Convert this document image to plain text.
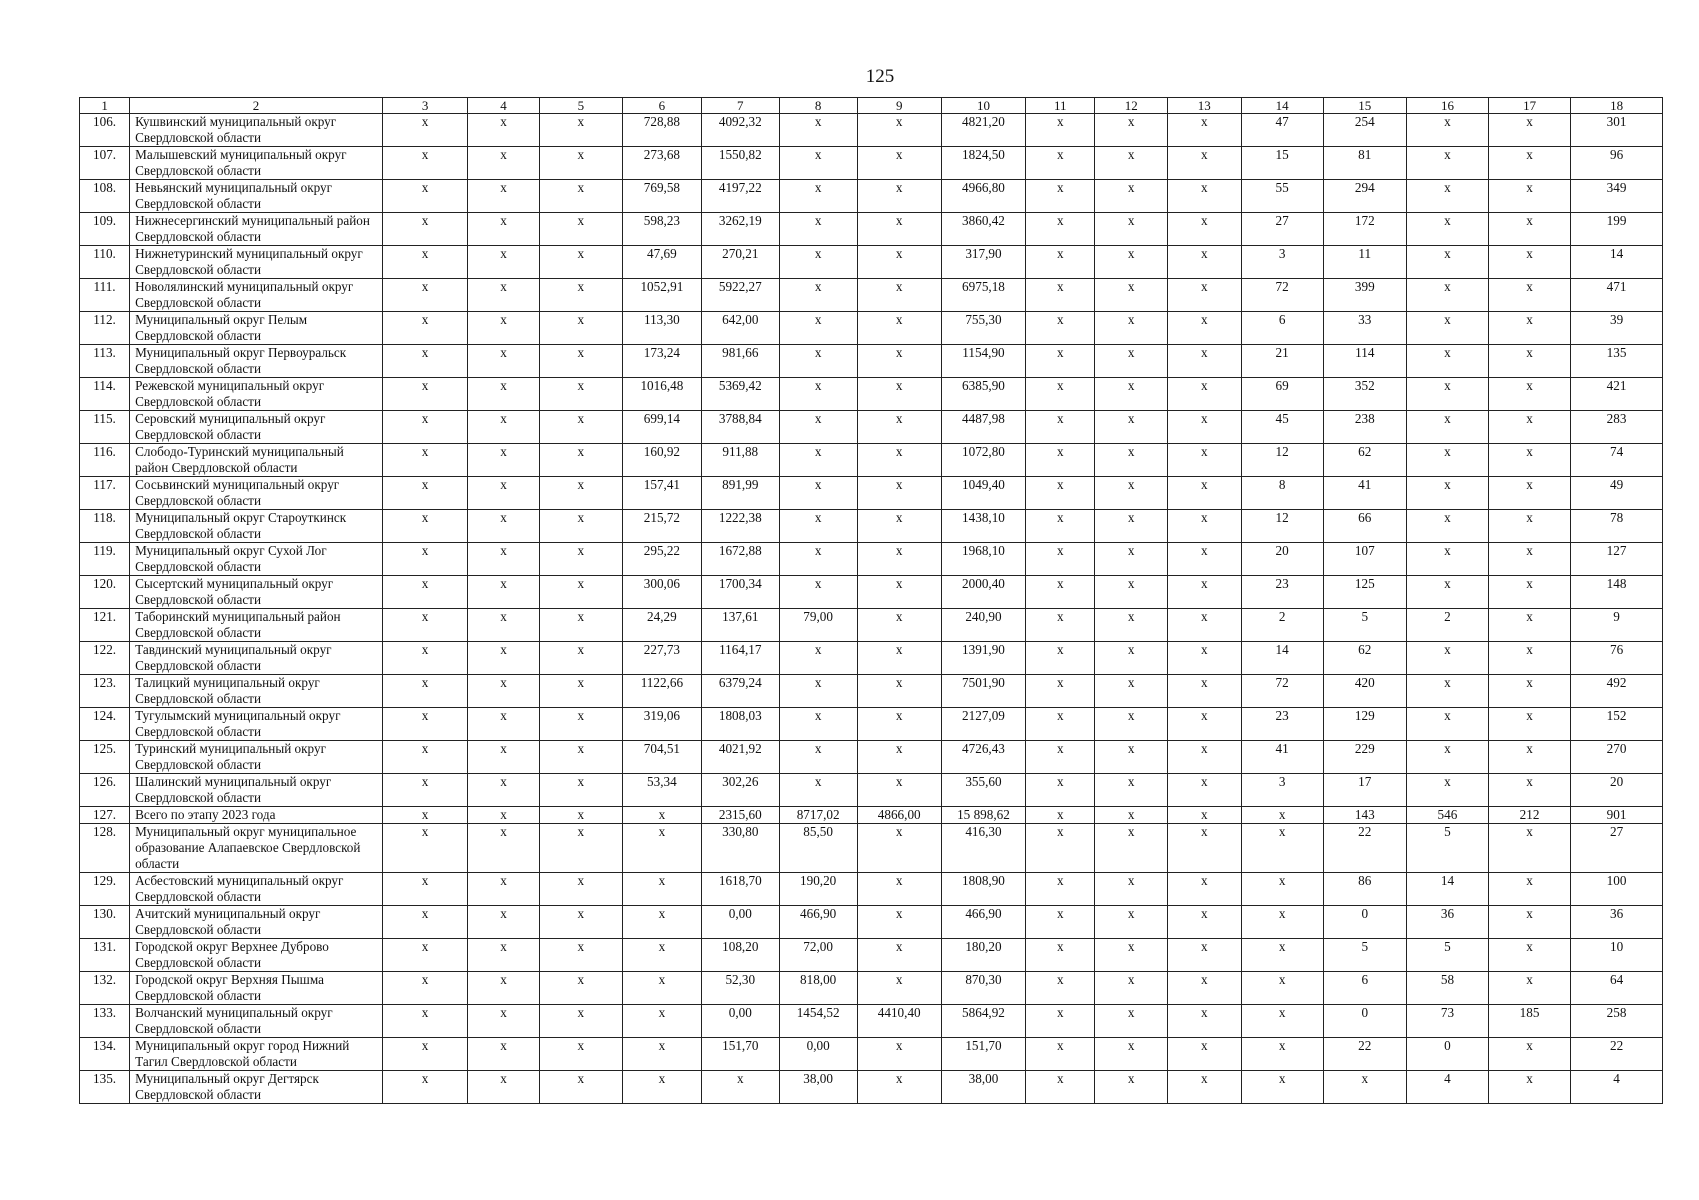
125
1	2	3	4	5	6	7	8	9	10	11	12	13	14	15	16	17	18
106.	Кушвинский муниципальный округ Свердловской области	x	x	x	728,88	4092,32	x	x	4821,20	x	x	x	47	254	x	x	301
107.	Малышевский муниципальный округ Свердловской области	x	x	x	273,68	1550,82	x	x	1824,50	x	x	x	15	81	x	x	96
108.	Невьянский муниципальный округ Свердловской области	x	x	x	769,58	4197,22	x	x	4966,80	x	x	x	55	294	x	x	349
109.	Нижнесергинский муниципальный район Свердловской области	x	x	x	598,23	3262,19	x	x	3860,42	x	x	x	27	172	x	x	199
110.	Нижнетуринский муниципальный округ Свердловской области	x	x	x	47,69	270,21	x	x	317,90	x	x	x	3	11	x	x	14
111.	Новолялинский муниципальный округ Свердловской области	x	x	x	1052,91	5922,27	x	x	6975,18	x	x	x	72	399	x	x	471
112.	Муниципальный округ Пелым Свердловской области	x	x	x	113,30	642,00	x	x	755,30	x	x	x	6	33	x	x	39
113.	Муниципальный округ Первоуральск Свердловской области	x	x	x	173,24	981,66	x	x	1154,90	x	x	x	21	114	x	x	135
114.	Режевской муниципальный округ Свердловской области	x	x	x	1016,48	5369,42	x	x	6385,90	x	x	x	69	352	x	x	421
115.	Серовский муниципальный округ Свердловской области	x	x	x	699,14	3788,84	x	x	4487,98	x	x	x	45	238	x	x	283
116.	Слободо-Туринский муниципальный район Свердловской области	x	x	x	160,92	911,88	x	x	1072,80	x	x	x	12	62	x	x	74
117.	Сосьвинский муниципальный округ Свердловской области	x	x	x	157,41	891,99	x	x	1049,40	x	x	x	8	41	x	x	49
118.	Муниципальный округ Староуткинск Свердловской области	x	x	x	215,72	1222,38	x	x	1438,10	x	x	x	12	66	x	x	78
119.	Муниципальный округ Сухой Лог Свердловской области	x	x	x	295,22	1672,88	x	x	1968,10	x	x	x	20	107	x	x	127
120.	Сысертский муниципальный округ Свердловской области	x	x	x	300,06	1700,34	x	x	2000,40	x	x	x	23	125	x	x	148
121.	Таборинский муниципальный район Свердловской области	x	x	x	24,29	137,61	79,00	x	240,90	x	x	x	2	5	2	x	9
122.	Тавдинский муниципальный округ Свердловской области	x	x	x	227,73	1164,17	x	x	1391,90	x	x	x	14	62	x	x	76
123.	Талицкий муниципальный округ Свердловской области	x	x	x	1122,66	6379,24	x	x	7501,90	x	x	x	72	420	x	x	492
124.	Тугулымский муниципальный округ Свердловской области	x	x	x	319,06	1808,03	x	x	2127,09	x	x	x	23	129	x	x	152
125.	Туринский муниципальный округ Свердловской области	x	x	x	704,51	4021,92	x	x	4726,43	x	x	x	41	229	x	x	270
126.	Шалинский муниципальный округ Свердловской области	x	x	x	53,34	302,26	x	x	355,60	x	x	x	3	17	x	x	20
127.	Всего по этапу 2023 года	x	x	x	x	2315,60	8717,02	4866,00	15 898,62	x	x	x	x	143	546	212	901
128.	Муниципальный округ муниципальное образование Алапаевское Свердловской области	x	x	x	x	330,80	85,50	x	416,30	x	x	x	x	22	5	x	27
129.	Асбестовский муниципальный округ Свердловской области	x	x	x	x	1618,70	190,20	x	1808,90	x	x	x	x	86	14	x	100
130.	Ачитский муниципальный округ Свердловской области	x	x	x	x	0,00	466,90	x	466,90	x	x	x	x	0	36	x	36
131.	Городской округ Верхнее Дуброво Свердловской области	x	x	x	x	108,20	72,00	x	180,20	x	x	x	x	5	5	x	10
132.	Городской округ Верхняя Пышма Свердловской области	x	x	x	x	52,30	818,00	x	870,30	x	x	x	x	6	58	x	64
133.	Волчанский муниципальный округ Свердловской области	x	x	x	x	0,00	1454,52	4410,40	5864,92	x	x	x	x	0	73	185	258
134.	Муниципальный округ город Нижний Тагил Свердловской области	x	x	x	x	151,70	0,00	x	151,70	x	x	x	x	22	0	x	22
135.	Муниципальный округ Дегтярск Свердловской области	x	x	x	x	x	38,00	x	38,00	x	x	x	x	x	4	x	4
